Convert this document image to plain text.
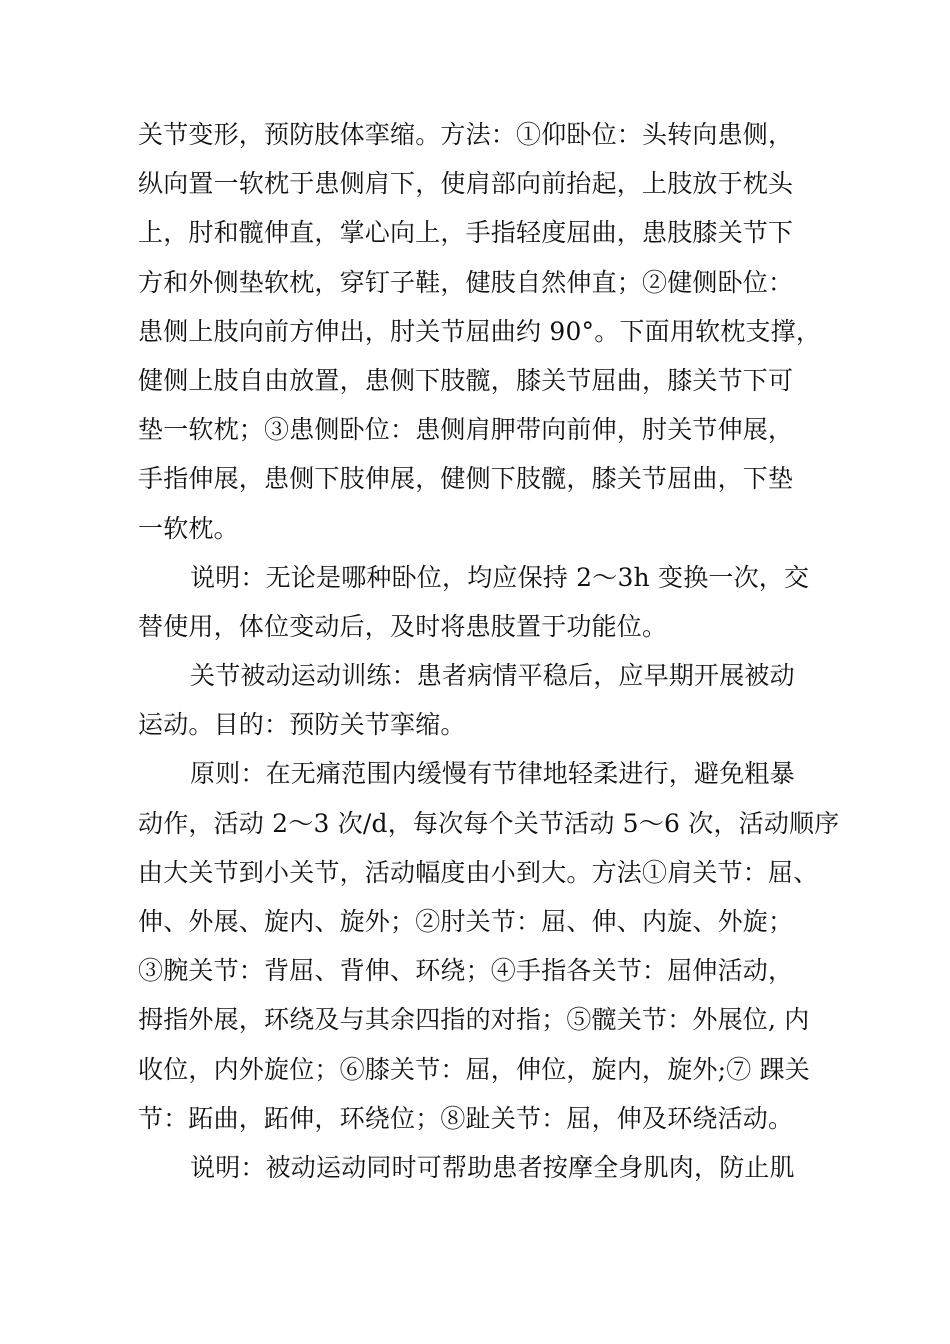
关节变形，预防肢体挛缩。方法：①仰卧位：头转向患侧，
纵向置一软枕于患侧肩下，使肩部向前抬起，上肢放于枕头
上，肘和髋伸直，掌心向上，手指轻度屈曲，患肢膝关节下
方和外侧垫软枕，穿钉子鞋，健肢自然伸直；②健侧卧位：
患侧上肢向前方伸出，肘关节屈曲约 90°。下面用软枕支撑，
健侧上肢自由放置，患侧下肢髋，膝关节屈曲，膝关节下可
垫一软枕；③患侧卧位：患侧肩胛带向前伸，肘关节伸展，
手指伸展，患侧下肢伸展，健侧下肢髋，膝关节屈曲，下垫
一软枕。
说明：无论是哪种卧位，均应保持 2～3h 变换一次，交
替使用，体位变动后，及时将患肢置于功能位。
关节被动运动训练：患者病情平稳后，应早期开展被动
运动。目的：预防关节挛缩。
原则：在无痛范围内缓慢有节律地轻柔进行，避免粗暴
动作，活动 2～3 次/d，每次每个关节活动 5～6 次，活动顺序
由大关节到小关节，活动幅度由小到大。方法①肩关节：屈、
伸、外展、旋内、旋外；②肘关节：屈、伸、内旋、外旋；
③腕关节：背屈、背伸、环绕；④手指各关节：屈伸活动，
拇指外展，环绕及与其余四指的对指；⑤髋关节：外展位, 内
收位，内外旋位；⑥膝关节：屈，伸位，旋内，旋外;⑦ 踝关
节：跖曲，跖伸，环绕位；⑧趾关节：屈，伸及环绕活动。
说明：被动运动同时可帮助患者按摩全身肌肉，防止肌
